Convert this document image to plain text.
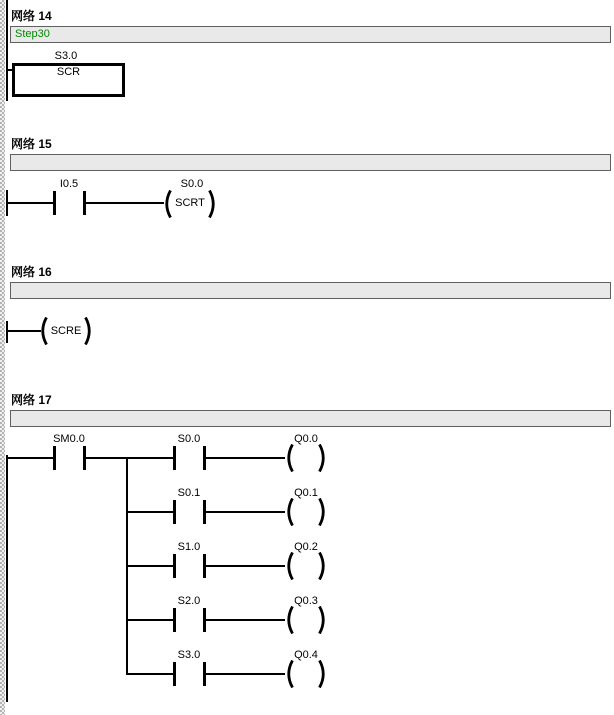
网络 14
Step30
S3.0
SCR
网络 15
I0.5	S0.0
SCRT
网络 16
SCRE
网络 17
SM0.0	S0.0	Q0.0
S0.1	Q0.1
S1.0	Q0.2
S2.0	Q0.3
S3.0	Q0.4
